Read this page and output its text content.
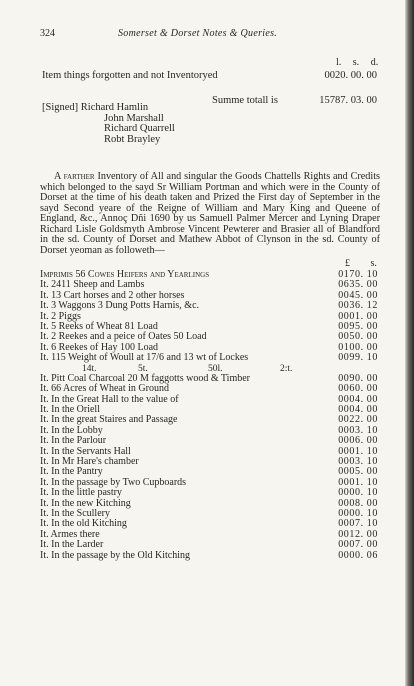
324	Somerset & Dorset Notes & Queries.
l. s. d.
Item things forgotten and not Inventoryed	0020. 00. 00
Summe totall is	15787. 03. 00
[Signed] Richard Hamlin
John Marshall
Richard Quarrell
Robt Brayley
A farther Inventory of All and singular the Goods Chattells Rights and Credits which belonged to the sayd Sr William Portman and which were in the County of Dorset at the time of his death taken and Prized the First day of September in the sayd Second yeare of the Reigne of William and Mary King and Queene of England, &c., Annoç Dñi 1690 by us Samuell Palmer Mercer and Lyning Draper Richard Lisle Goldsmyth Ambrose Vincent Pewterer and Brasier all of Blandford in the sd. County of Dorset and Mathew Abbot of Clynson in the sd. County of Dorset yeoman as followeth—
£ s.
Imprimis 56 Cowes Heifers and Yearlings	0170. 10
It. 2411 Sheep and Lambs	0635. 00
It. 13 Cart horses and 2 other horses	0045. 00
It. 3 Waggons 3 Dung Potts Harnis, &c.	0036. 12
It. 2 Piggs	0001. 00
It. 5 Reeks of Wheat 81 Load	0095. 00
It. 2 Reekes and a peice of Oates 50 Load	0050. 00
It. 6 Reekes of Hay 100 Load	0100. 00
It. 115 Weight of Woull at 17/6 and 13 wt of Lockes	0099. 10
14t.	5t.	50l.	2:t.
It. Pitt Coal Charcoal 20 M faggotts wood & Timber	0090. 00
It. 66 Acres of Wheat in Ground	0060. 00
It. In the Great Hall to the value of	0004. 00
It. In the Oriell	0004. 00
It. In the great Staires and Passage	0022. 00
It. In the Lobby	0003. 10
It. In the Parlour	0006. 00
It. In the Servants Hall	0001. 10
It. In Mr Hare's chamber	0003. 10
It. In the Pantry	0005. 00
It. In the passage by Two Cupboards	0001. 10
It. In the little pastry	0000. 10
It. In the new Kitching	0008. 00
It. In the Scullery	0000. 10
It. In the old Kitching	0007. 10
It. Armes there	0012. 00
It. In the Larder	0007. 00
It. In the passage by the Old Kitching	0000. 06
